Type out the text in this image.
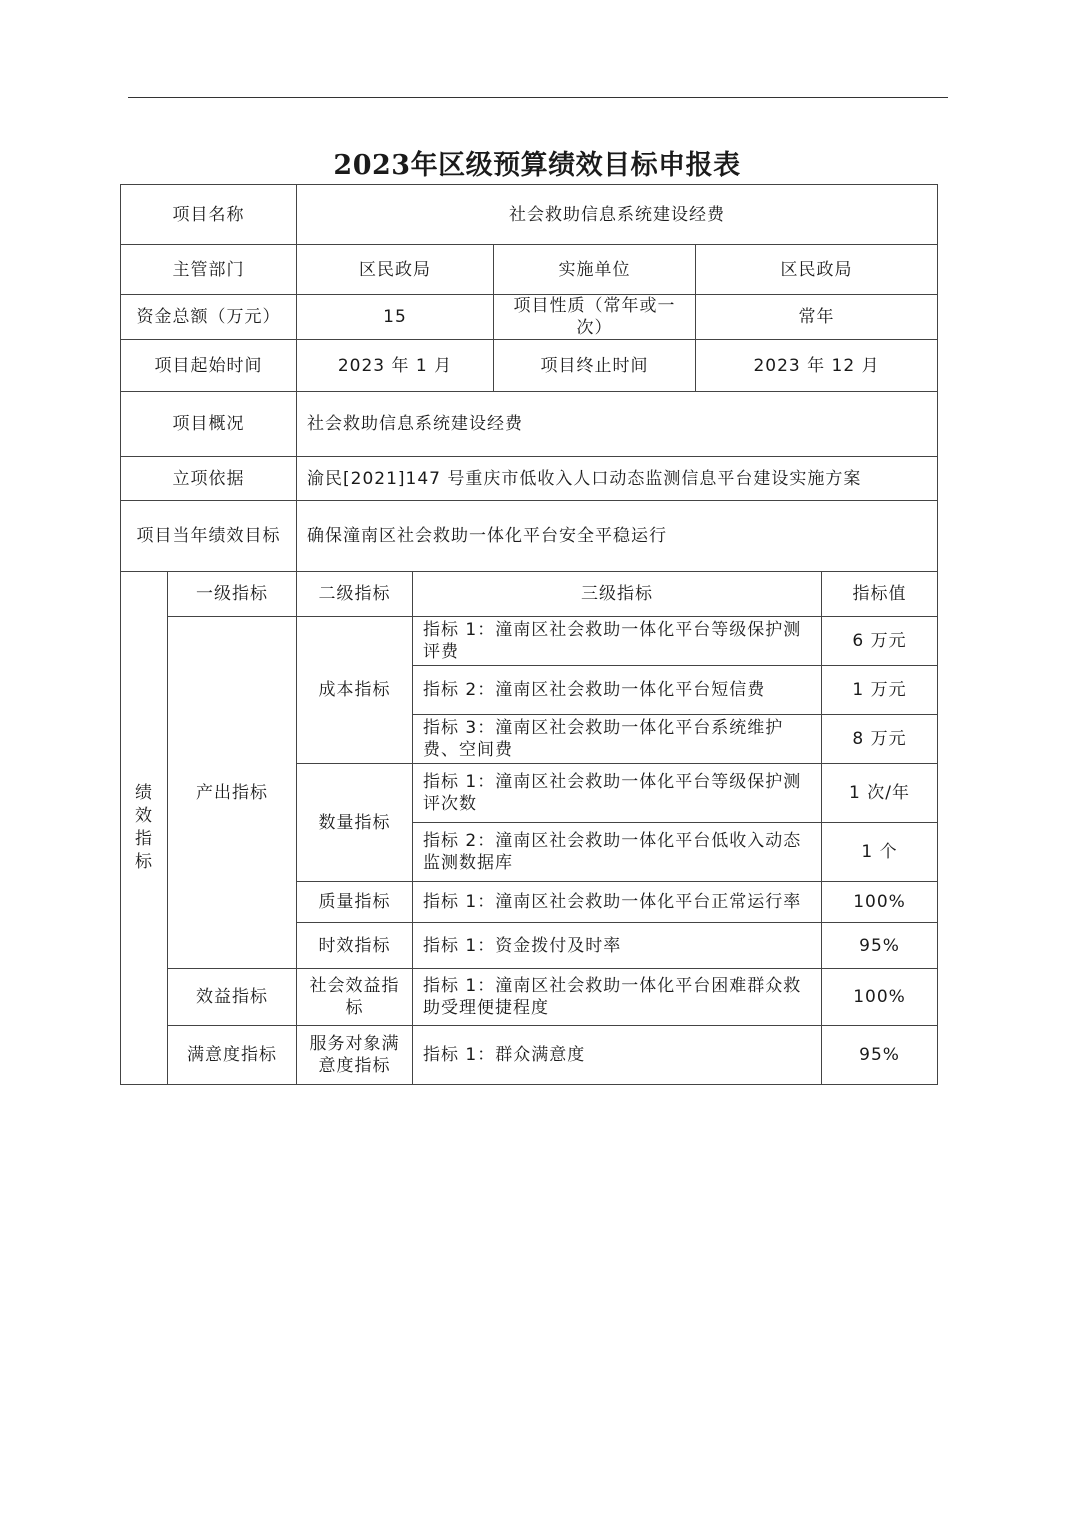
2023年区级预算绩效目标申报表
项目名称		社会救助信息系统建设经费				
主管部门		区民政局		实施单位	区民政局	
资金总额（万元）		15		项目性质（常年或一次）	常年	
项目起始时间		2023 年 1 月		项目终止时间	2023 年 12 月	
项目概况		社会救助信息系统建设经费				
立项依据		渝民[2021]147 号重庆市低收入人口动态监测信息平台建设实施方案				
项目当年绩效目标		确保潼南区社会救助一体化平台安全平稳运行				
绩效指标	一级指标	二级指标	三级指标			指标值
	产出指标	成本指标	指标 1：潼南区社会救助一体化平台等级保护测评费			6 万元
			指标 2：潼南区社会救助一体化平台短信费			1 万元
			指标 3：潼南区社会救助一体化平台系统维护费、空间费			8 万元
		数量指标	指标 1：潼南区社会救助一体化平台等级保护测评次数			1 次/年
			指标 2：潼南区社会救助一体化平台低收入动态监测数据库			1 个
		质量指标	指标 1：潼南区社会救助一体化平台正常运行率			100%
		时效指标	指标 1：资金拨付及时率			95%
	效益指标	社会效益指标	指标 1：潼南区社会救助一体化平台困难群众救助受理便捷程度			100%
	满意度指标	服务对象满意度指标	指标 1：群众满意度			95%
